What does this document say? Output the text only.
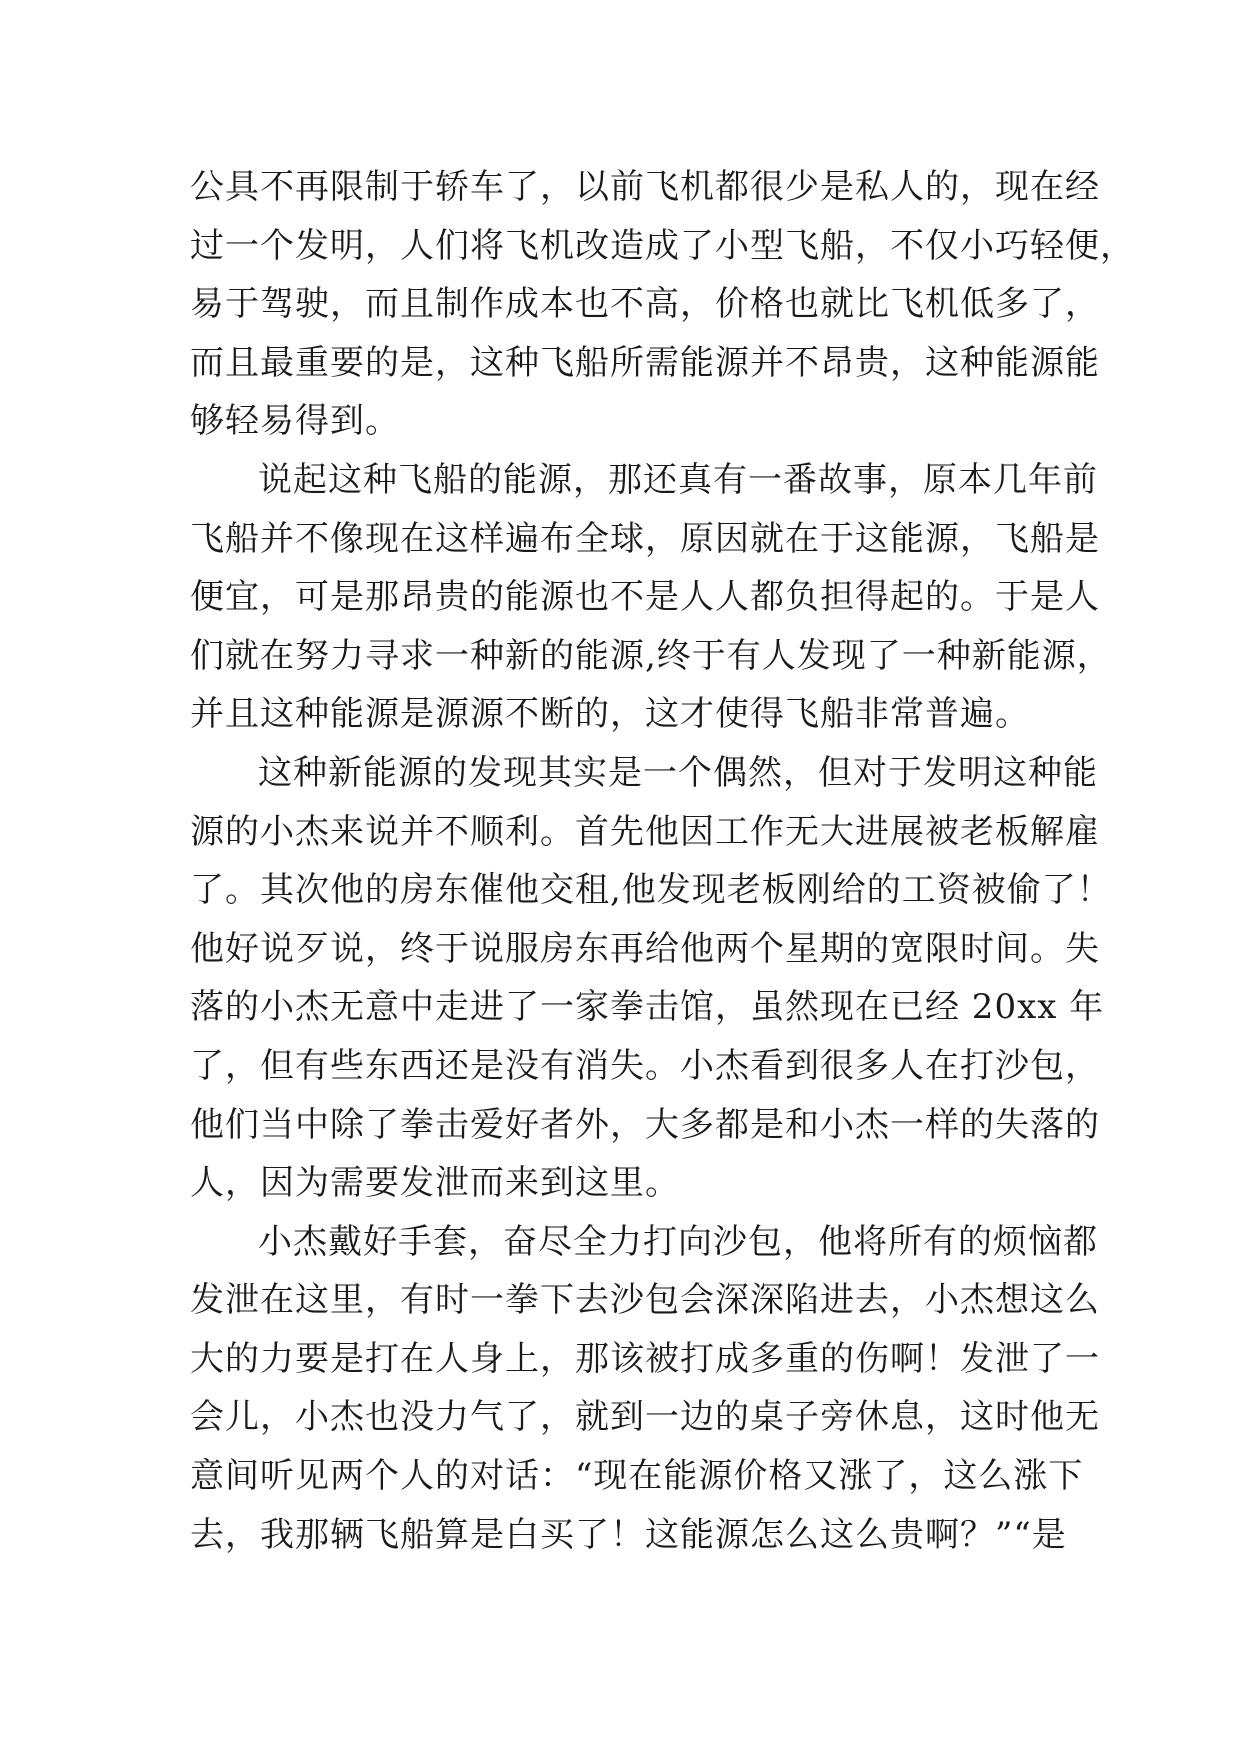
公具不再限制于轿车了，以前飞机都很少是私人的，现在经
过一个发明，人们将飞机改造成了小型飞船，不仅小巧轻便，
易于驾驶，而且制作成本也不高，价格也就比飞机低多了，
而且最重要的是，这种飞船所需能源并不昂贵，这种能源能
够轻易得到。
说起这种飞船的能源，那还真有一番故事，原本几年前
飞船并不像现在这样遍布全球，原因就在于这能源，飞船是
便宜，可是那昂贵的能源也不是人人都负担得起的。于是人
们就在努力寻求一种新的能源,终于有人发现了一种新能源，
并且这种能源是源源不断的，这才使得飞船非常普遍。
这种新能源的发现其实是一个偶然，但对于发明这种能
源的小杰来说并不顺利。首先他因工作无大进展被老板解雇
了。其次他的房东催他交租,他发现老板刚给的工资被偷了！
他好说歹说，终于说服房东再给他两个星期的宽限时间。失
落的小杰无意中走进了一家拳击馆，虽然现在已经 20xx 年
了，但有些东西还是没有消失。小杰看到很多人在打沙包，
他们当中除了拳击爱好者外，大多都是和小杰一样的失落的
人，因为需要发泄而来到这里。
小杰戴好手套，奋尽全力打向沙包，他将所有的烦恼都
发泄在这里，有时一拳下去沙包会深深陷进去，小杰想这么
大的力要是打在人身上，那该被打成多重的伤啊！发泄了一
会儿，小杰也没力气了，就到一边的桌子旁休息，这时他无
意间听见两个人的对话：“现在能源价格又涨了，这么涨下
去，我那辆飞船算是白买了！这能源怎么这么贵啊？”“是
